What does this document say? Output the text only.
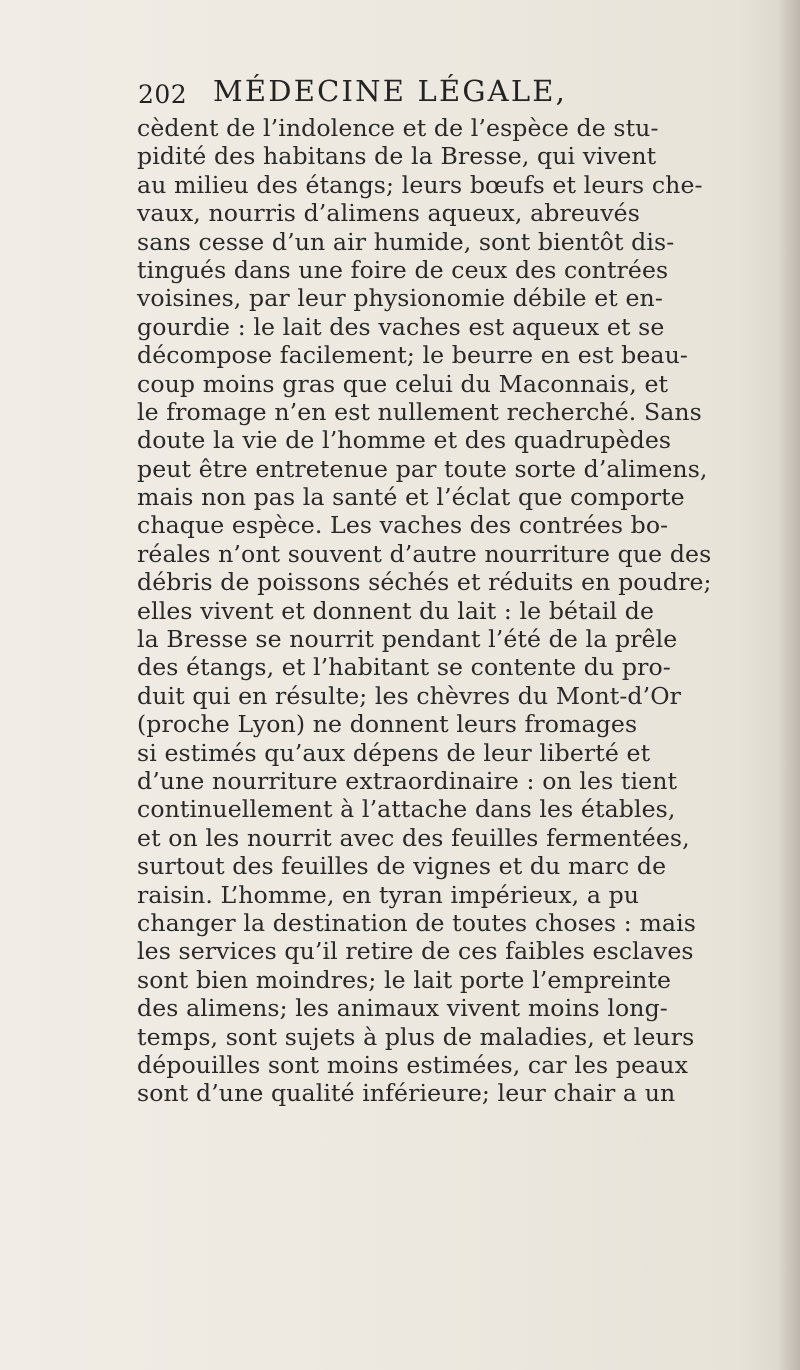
202 MÉDECINE LÉGALE,
cèdent de l’indolence et de l’espèce de stu-
pidité des habitans de la Bresse, qui vivent
au milieu des étangs; leurs bœufs et leurs che-
vaux, nourris d’alimens aqueux, abreuvés
sans cesse d’un air humide, sont bientôt dis-
tingués dans une foire de ceux des contrées
voisines, par leur physionomie débile et en-
gourdie : le lait des vaches est aqueux et se
décompose facilement; le beurre en est beau-
coup moins gras que celui du Maconnais, et
le fromage n’en est nullement recherché. Sans
doute la vie de l’homme et des quadrupèdes
peut être entretenue par toute sorte d’alimens,
mais non pas la santé et l’éclat que comporte
chaque espèce. Les vaches des contrées bo-
réales n’ont souvent d’autre nourriture que des
débris de poissons séchés et réduits en poudre;
elles vivent et donnent du lait : le bétail de
la Bresse se nourrit pendant l’été de la prêle
des étangs, et l’habitant se contente du pro-
duit qui en résulte; les chèvres du Mont-d’Or
(proche Lyon) ne donnent leurs fromages
si estimés qu’aux dépens de leur liberté et
d’une nourriture extraordinaire : on les tient
continuellement à l’attache dans les étables,
et on les nourrit avec des feuilles fermentées,
surtout des feuilles de vignes et du marc de
raisin. L’homme, en tyran impérieux, a pu
changer la destination de toutes choses : mais
les services qu’il retire de ces faibles esclaves
sont bien moindres; le lait porte l’empreinte
des alimens; les animaux vivent moins long-
temps, sont sujets à plus de maladies, et leurs
dépouilles sont moins estimées, car les peaux
sont d’une qualité inférieure; leur chair a un
